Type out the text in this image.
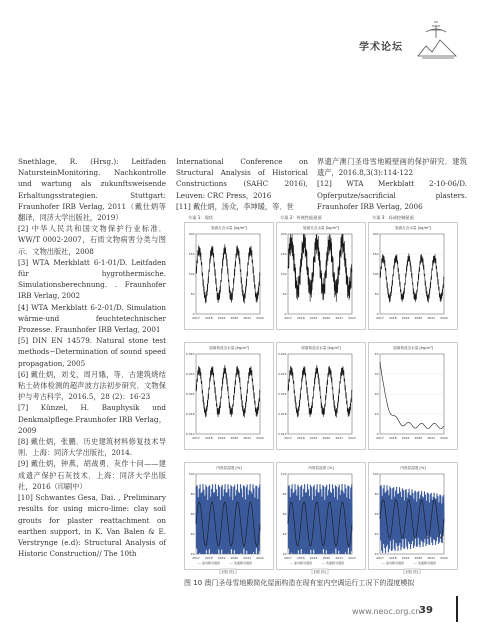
学术论坛
Snethlage, R. (Hrsg.): Leitfaden NatursteinMonitoring. Nachkontrolle und wartung als zukunftsweisende Erhaltungsstrategien. Stuttgart: Fraunhofer IRB Verlag, 2011（戴仕炳等翻译，同济大学出版社，2019）
[2] 中华人民共和国文物保护行业标准．WW/T 0002-2007，石质文物病害分类与图示．文物出版社，2008
[3] WTA Merkblatt 6-1-01/D. Leitfaden für hygrothermische. Simulationsberechnung. . Fraunhofer IRB Verlag, 2002
[4] WTA Merkblatt 6-2-01/D. Simulation wärme-und feuchtetechnischer Prozesse. Fraunhofer IRB Verlag, 2001
[5] DIN EN 14579. Natural stone test methods−Determination of sound speed propagation, 2005
[6] 戴仕炳，刘戈，周月娥，等．古建筑烧结粘土砖体检测的超声波方法初步研究．文物保护与考古科学，2016.5，28 (2)：16-23
[7] Künzel, H. Bauphysik und Denkmalpflege.Fraunhofer IRB Verlag，2009
[8] 戴仕炳，张鹏．历史建筑材料修复技术导则．上海：同济大学出版社，2014.
[9] 戴仕炳，钟燕，胡战勇．灰作十问——建成遗产保护石灰技术．上海：同济大学出版社，2016（印刷中）
[10] Schwantes Gesa, Dai. , Preliminary results for using micro-lime: clay soil grouts for plaster reattachment on earthen support, in K. Van Balen & E. Verstrynge (e.d): Structural Analysis of Historic Construction// The 10th
International Conference on Structural Analysis of Historical Constructions (SAHC 2016), Leuven: CRC Press，2016
[11] 戴仕炳，汤众，李坤暖，等．世
界遗产澳门圣母雪地殿壁画的保护研究．建筑遗产，2016.8,3(3):114-122
[12] WTA Merkblatt 2-10-06/D. Opferputze/sacrificial plasters. Fraunhofer IRB Verlag, 2006
方案 1：现状	方案 2：传统性能屋面	方案 3：局部控制屋面
屋面瓦含水量 [kg/m³]
200
150
100
50
0
2017 2018 2019 2020 2021 2022
屋面瓦含水量 [kg/m³]
200
150
100
50
0
2017 2018 2019 2020 2021 2022
屋面瓦含水量 [kg/m³]
200
150
100
50
0
2017 2018 2019 2020 2021 2022
屋面构造含水量 [kg/m³]
0.040
0.033
0.025
0.018
0.010
2017 2018 2019 2020 2021 2022
屋面构造含水量 [kg/m³]
0.040
0.033
0.025
0.018
0.010
2017 2018 2019 2020 2021 2022
屋面构造含水量 [kg/m³]
40
30
20
10
0
2017 2018 2019 2020 2021 2022
内饰层湿度 [%]
100
80
60
40
20
2017 2018 2019 2020 2021 2022
— 室内相对湿度	— 表面相对湿度
时间 [年]
内饰层湿度 [%]
100
80
60
40
20
2017 2018 2019 2020 2021 2022
— 室内相对湿度	— 表面相对湿度
时间 [年]
内饰层湿度 [%]
100
80
60
40
20
2017 2018 2019 2020 2021 2022
— 室内相对湿度	— 表面相对湿度
时间 [年]

图 10 澳门圣母雪地殿简化屋面构造在现有室内空调运行工况下的湿度模拟

www.neoc.org.cn

39
